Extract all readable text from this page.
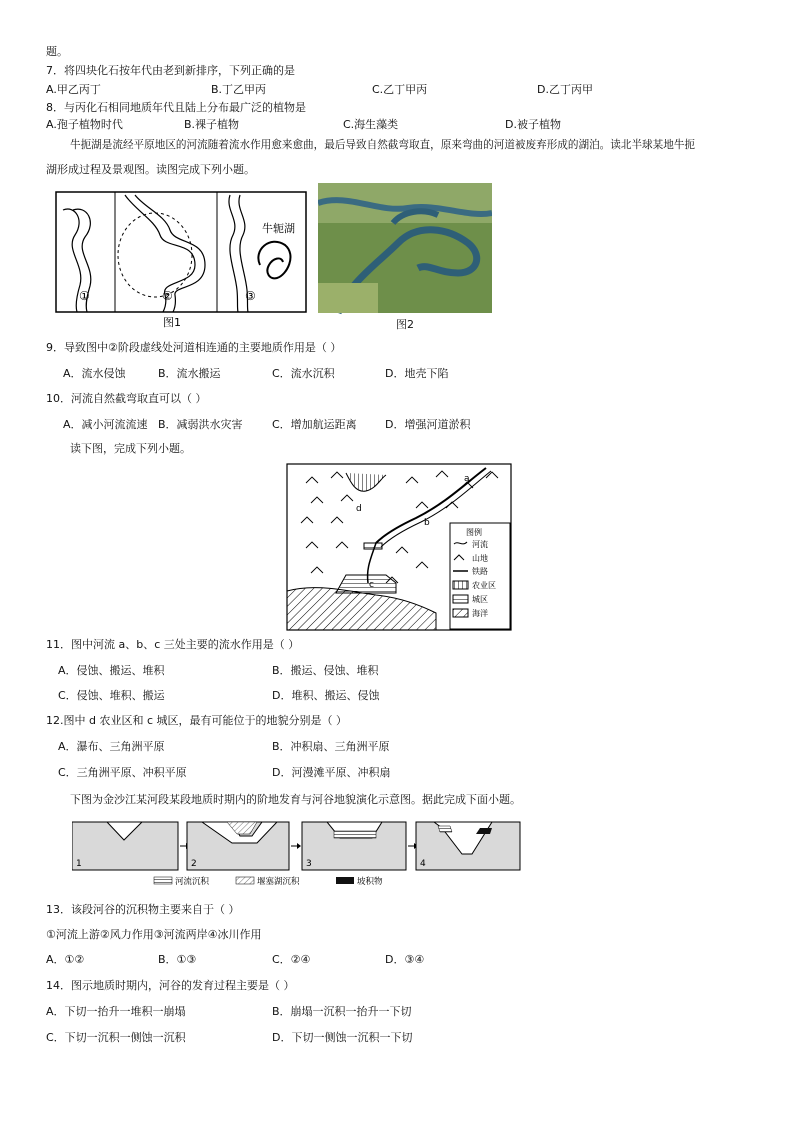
题。
7．将四块化石按年代由老到新排序，下列正确的是
A.甲乙丙丁	B.丁乙甲丙	C.乙丁甲丙	D.乙丁丙甲
8．与丙化石相同地质年代且陆上分布最广泛的植物是
A.孢子植物时代	B.裸子植物	C.海生藻类	D.被子植物
牛扼湖是流经平原地区的河流随着流水作用愈来愈曲，最后导致自然截弯取直，原来弯曲的河道被废弃形成的湖泊。读北半球某地牛扼
湖形成过程及景观图。读图完成下列小题。
牛轭湖
①	②	③
图1	图2
9．导致图中②阶段虚线处河道相连通的主要地质作用是（ ）
A．流水侵蚀	B．流水搬运	C．流水沉积	D．地壳下陷
10．河流自然截弯取直可以（ ）
A．减小河流流速 B．减弱洪水灾害	C．增加航运距离	D．增强河道淤积
读下图，完成下列小题。
a
b
c
d
图例
河流
山地
铁路
农业区
城区
海洋
11．图中河流 a、b、c 三处主要的流水作用是（ ）
A．侵蚀、搬运、堆积	B．搬运、侵蚀、堆积
C．侵蚀、堆积、搬运	D．堆积、搬运、侵蚀
12.图中 d 农业区和 c 城区，最有可能位于的地貌分别是（ ）
A．瀑布、三角洲平原	B．冲积扇、三角洲平原
C．三角洲平原、冲积平原	D．河漫滩平原、冲积扇
下图为金沙江某河段某段地质时期内的阶地发育与河谷地貌演化示意图。据此完成下面小题。
1	2	3	4
河流沉积	堰塞湖沉积	坡积物
13．该段河谷的沉积物主要来自于（ ）
①河流上游②风力作用③河流两岸④冰川作用
A．①②	B．①③	C．②④	D．③④
14．图示地质时期内，河谷的发育过程主要是（ ）
A．下切一抬升一堆积一崩塌	B．崩塌一沉积一抬升一下切
C．下切一沉积一侧蚀一沉积	D．下切一侧蚀一沉积一下切
